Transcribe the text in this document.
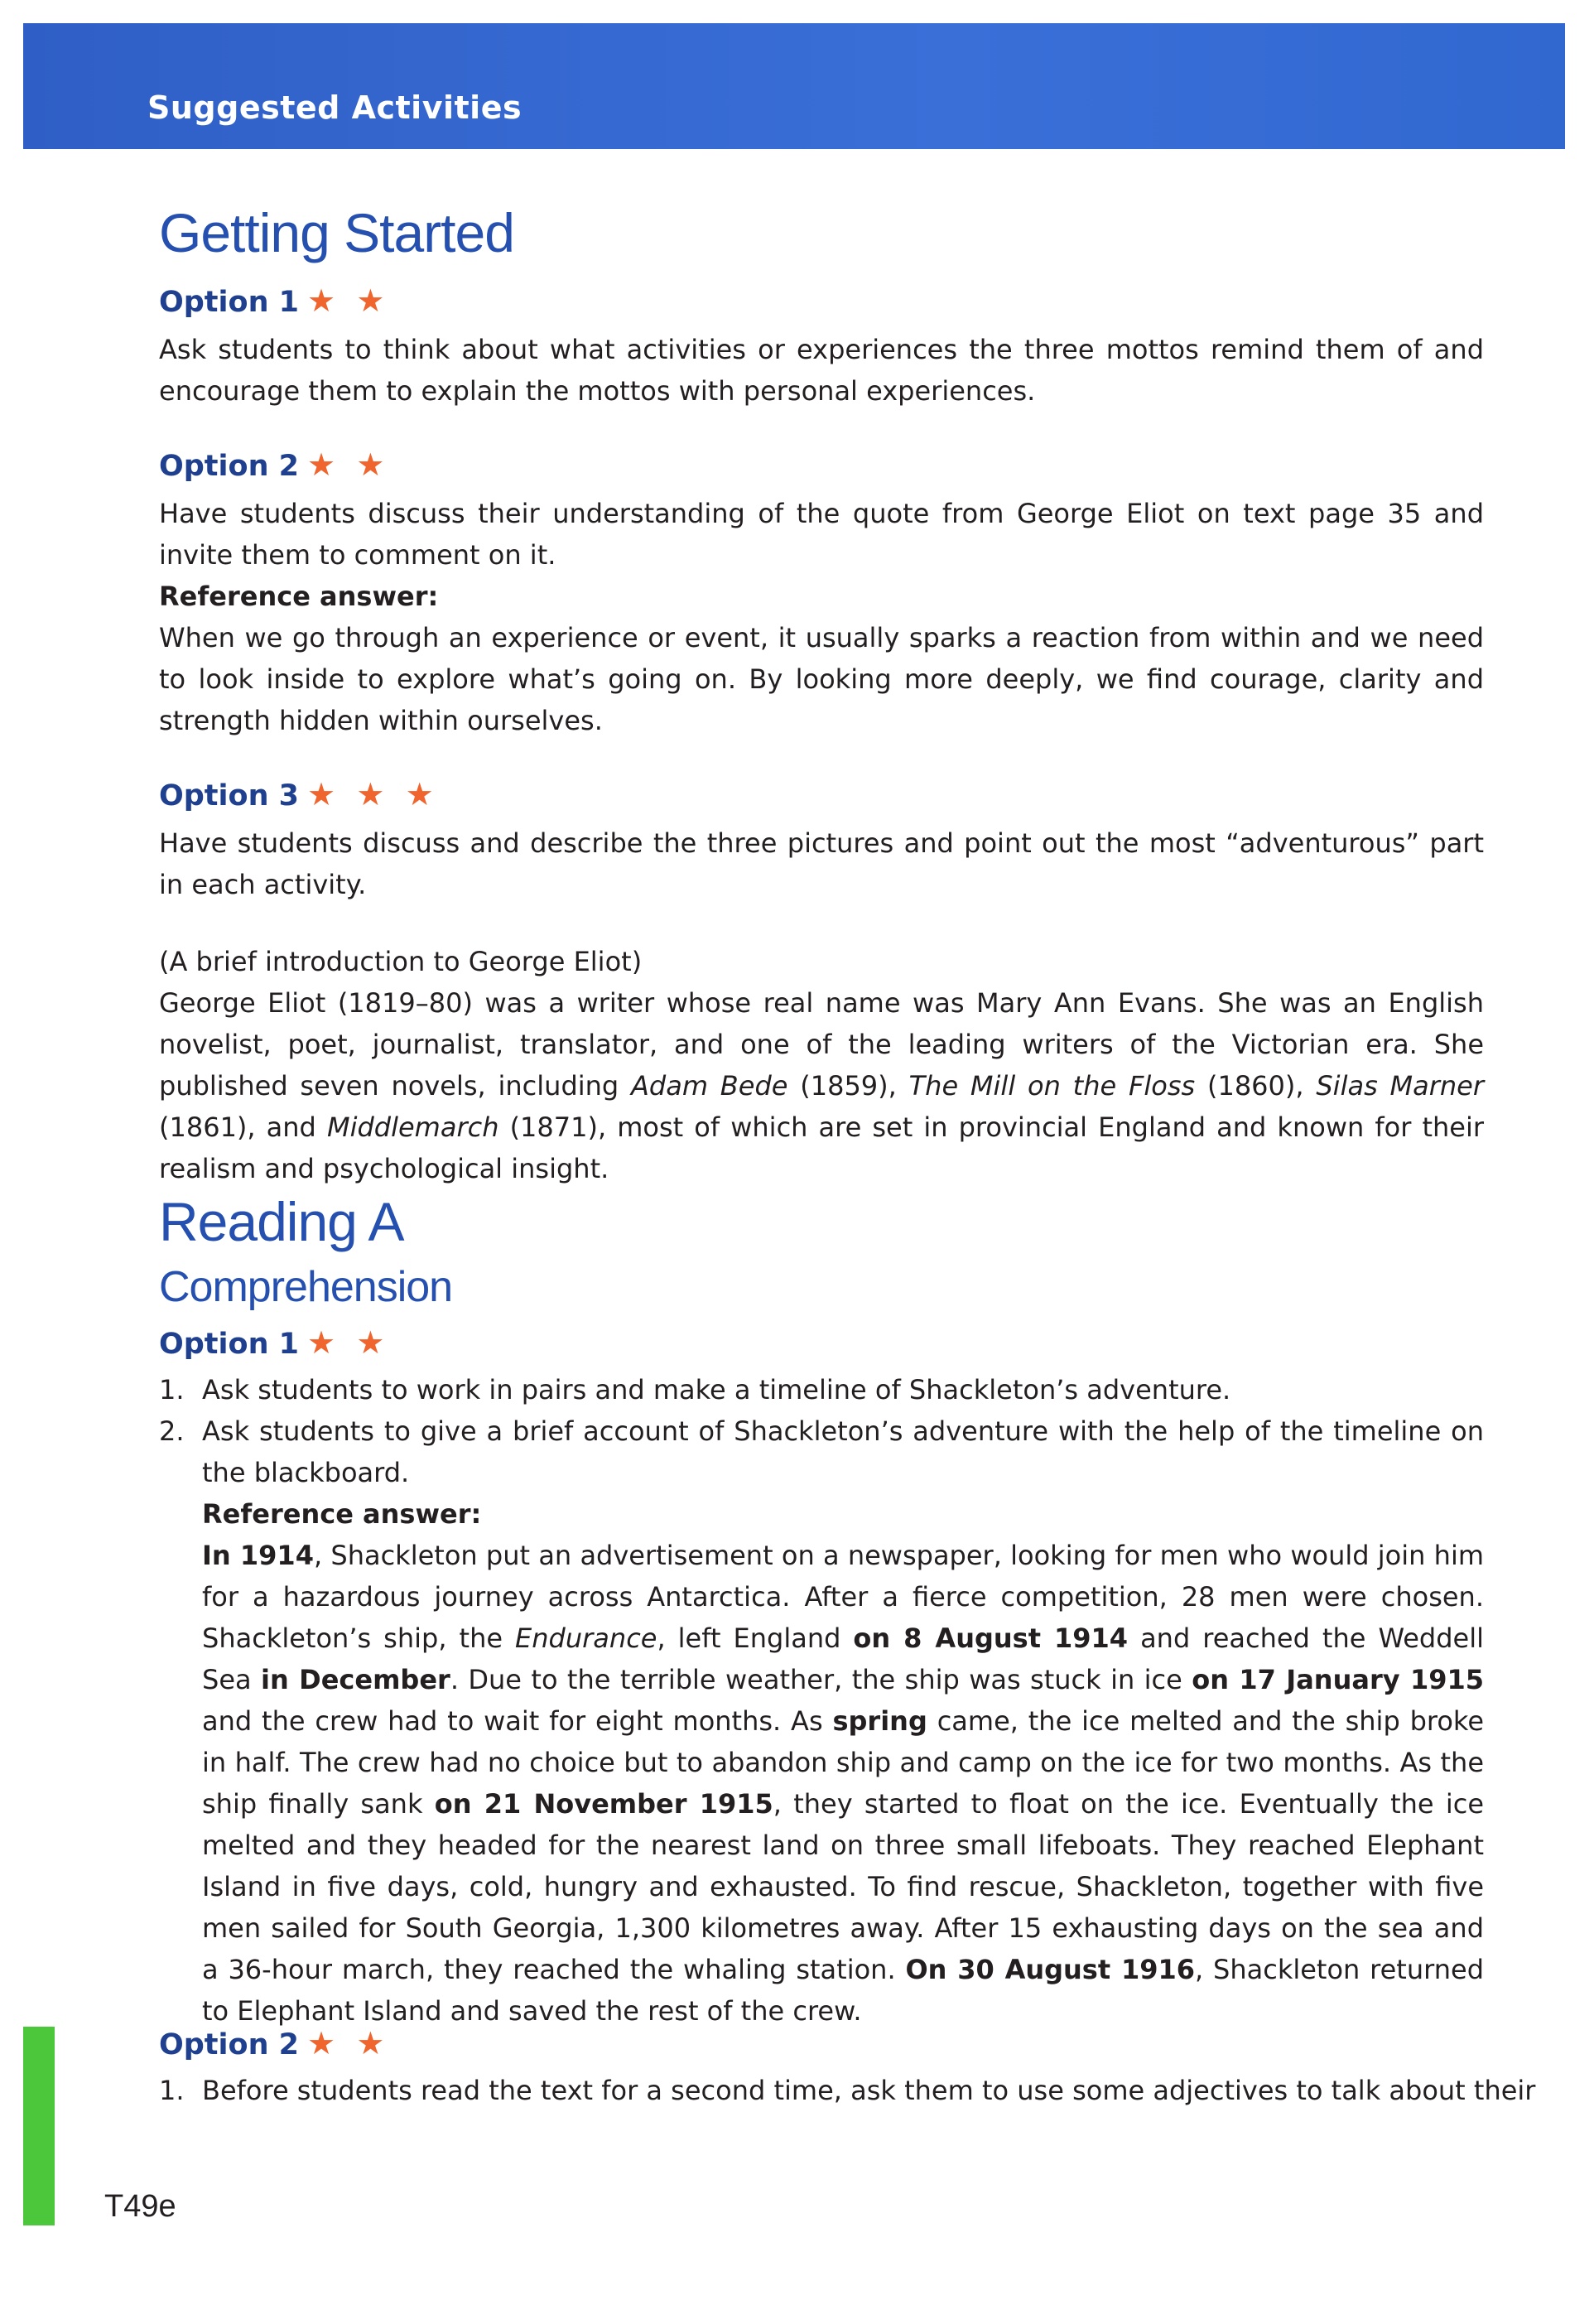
Suggested Activities
Getting Started
Option 1 ★ ★
Ask students to think about what activities or experiences the three mottos remind them of and encourage them to explain the mottos with personal experiences.
Option 2 ★ ★
Have students discuss their understanding of the quote from George Eliot on text page 35 and invite them to comment on it.
Reference answer:
When we go through an experience or event, it usually sparks a reaction from within and we need to look inside to explore what’s going on. By looking more deeply, we find courage, clarity and strength hidden within ourselves.
Option 3 ★ ★ ★
Have students discuss and describe the three pictures and point out the most “adventurous” part in each activity.
(A brief introduction to George Eliot)
George Eliot (1819–80) was a writer whose real name was Mary Ann Evans. She was an English novelist, poet, journalist, translator, and one of the leading writers of the Victorian era. She published seven novels, including Adam Bede (1859), The Mill on the Floss (1860), Silas Marner (1861), and Middlemarch (1871), most of which are set in provincial England and known for their realism and psychological insight.
Reading A
Comprehension
Option 1 ★ ★
1. Ask students to work in pairs and make a timeline of Shackleton’s adventure.
2. Ask students to give a brief account of Shackleton’s adventure with the help of the timeline on the blackboard.
Reference answer:
In 1914, Shackleton put an advertisement on a newspaper, looking for men who would join him for a hazardous journey across Antarctica. After a fierce competition, 28 men were chosen. Shackleton’s ship, the Endurance, left England on 8 August 1914 and reached the Weddell Sea in December. Due to the terrible weather, the ship was stuck in ice on 17 January 1915 and the crew had to wait for eight months. As spring came, the ice melted and the ship broke in half. The crew had no choice but to abandon ship and camp on the ice for two months. As the ship finally sank on 21 November 1915, they started to float on the ice. Eventually the ice melted and they headed for the nearest land on three small lifeboats. They reached Elephant Island in five days, cold, hungry and exhausted. To find rescue, Shackleton, together with five men sailed for South Georgia, 1,300 kilometres away. After 15 exhausting days on the sea and a 36-hour march, they reached the whaling station. On 30 August 1916, Shackleton returned to Elephant Island and saved the rest of the crew.
Option 2 ★ ★
1. Before students read the text for a second time, ask them to use some adjectives to talk about their
T49e
